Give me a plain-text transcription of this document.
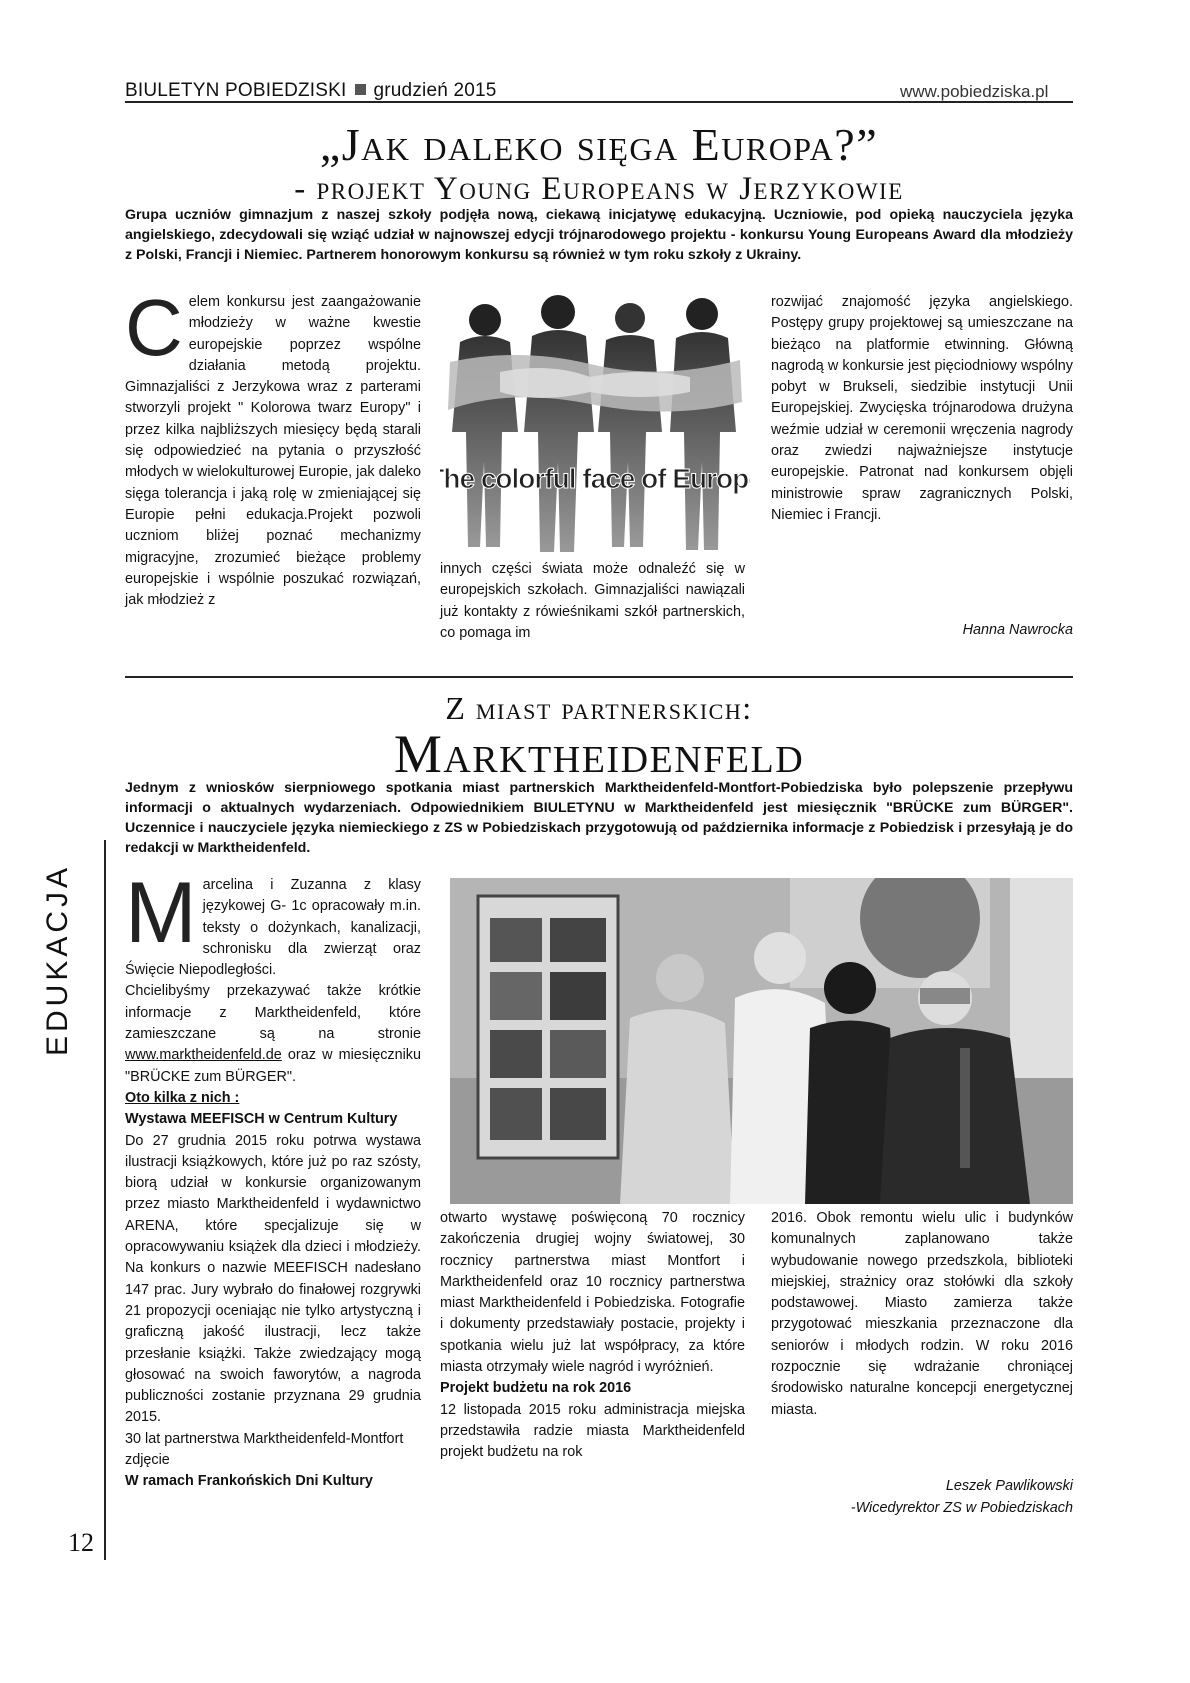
BIULETYN POBIEDZISKI grudzień 2015	www.pobiedziska.pl
„Jak daleko sięga Europa?”
- projekt Young Europeans w Jerzykowie
Grupa uczniów gimnazjum z naszej szkoły podjęła nową, ciekawą inicjatywę edukacyjną. Uczniowie, pod opieką nauczyciela języka angielskiego, zdecydowali się wziąć udział w najnowszej edycji trójnarodowego projektu - konkursu Young Europeans Award dla młodzieży z Polski, Francji i Niemiec. Partnerem honorowym konkursu są również w tym roku szkoły z Ukrainy.
Celem konkursu jest zaangażowanie młodzieży w ważne kwestie europejskie poprzez wspólne działania metodą projektu. Gimnazjaliści z Jerzykowa wraz z parterami stworzyli projekt " Kolorowa twarz Europy" i przez kilka najbliższych miesięcy będą starali się odpowiedzieć na pytania o przyszłość młodych w wielokulturowej Europie, jak daleko sięga tolerancja i jaką rolę w zmieniającej się Europie pełni edukacja.Projekt pozwoli uczniom bliżej poznać mechanizmy migracyjne, zrozumieć bieżące problemy europejskie i wspólnie poszukać rozwiązań, jak młodzież z
The colorful face of Europe
innych części świata może odnaleźć się w europejskich szkołach. Gimnazjaliści nawiązali już kontakty z rówieśnikami szkół partnerskich, co pomaga im
rozwijać znajomość języka angielskiego. Postępy grupy projektowej są umieszczane na bieżąco na platformie etwinning. Główną nagrodą w konkursie jest pięciodniowy wspólny pobyt w Brukseli, siedzibie instytucji Unii Europejskiej. Zwycięska trójnarodowa drużyna weźmie udział w ceremonii wręczenia nagrody oraz zwiedzi najważniejsze instytucje europejskie. Patronat nad konkursem objęli ministrowie spraw zagranicznych Polski, Niemiec i Francji.
Hanna Nawrocka
Z miast partnerskich:
Marktheidenfeld
Jednym z wniosków sierpniowego spotkania miast partnerskich Marktheidenfeld-Montfort-Pobiedziska było polepszenie przepływu informacji o aktualnych wydarzeniach. Odpowiednikiem BIULETYNU w Marktheidenfeld jest miesięcznik "BRÜCKE zum BÜRGER". Uczennice i nauczyciele języka niemieckiego z ZS w Pobiedziskach przygotowują od października informacje z Pobiedzisk i przesyłają je do redakcji w Marktheidenfeld.
EDUKACJA
12

Marcelina i Zuzanna z klasy językowej G- 1c opracowały m.in. teksty o dożynkach, kanalizacji, schronisku dla zwierząt oraz Święcie Niepodległości.

Chcielibyśmy przekazywać także krótkie informacje z Marktheidenfeld, które zamieszczane są na stronie www.marktheidenfeld.de oraz w miesięczniku "BRÜCKE zum BÜRGER".

Oto kilka z nich :

Wystawa MEEFISCH w Centrum Kultury

Do 27 grudnia 2015 roku potrwa wystawa ilustracji książkowych, które już po raz szósty, biorą udział w konkursie organizowanym przez miasto Marktheidenfeld i wydawnictwo ARENA, które specjalizuje się w opracowywaniu książek dla dzieci i młodzieży. Na konkurs o nazwie MEEFISCH nadesłano 147 prac. Jury wybrało do finałowej rozgrywki 21 propozycji oceniając nie tylko artystyczną i graficzną jakość ilustracji, lecz także przesłanie książki. Także zwiedzający mogą głosować na swoich faworytów, a nagroda publiczności zostanie przyznana 29 grudnia 2015.

30 lat partnerstwa Marktheidenfeld-Montfort zdjęcie

W ramach Frankońskich Dni Kultury

otwarto wystawę poświęconą 70 rocznicy zakończenia drugiej wojny światowej, 30 rocznicy partnerstwa miast Montfort i Marktheidenfeld oraz 10 rocznicy partnerstwa miast Marktheidenfeld i Pobiedziska. Fotografie i dokumenty przedstawiały postacie, projekty i spotkania wielu już lat współpracy, za które miasta otrzymały wiele nagród i wyróżnień.

Projekt budżetu na rok 2016

12 listopada 2015 roku administracja miejska przedstawiła radzie miasta Marktheidenfeld projekt budżetu na rok

2016. Obok remontu wielu ulic i budynków komunalnych zaplanowano także wybudowanie nowego przedszkola, biblioteki miejskiej, strażnicy oraz stołówki dla szkoły podstawowej. Miasto zamierza także przygotować mieszkania przeznaczone dla seniorów i młodych rodzin. W roku 2016 rozpocznie się wdrażanie chroniącej środowisko naturalne koncepcji energetycznej miasta.
Leszek Pawlikowski
-Wicedyrektor ZS w Pobiedziskach
